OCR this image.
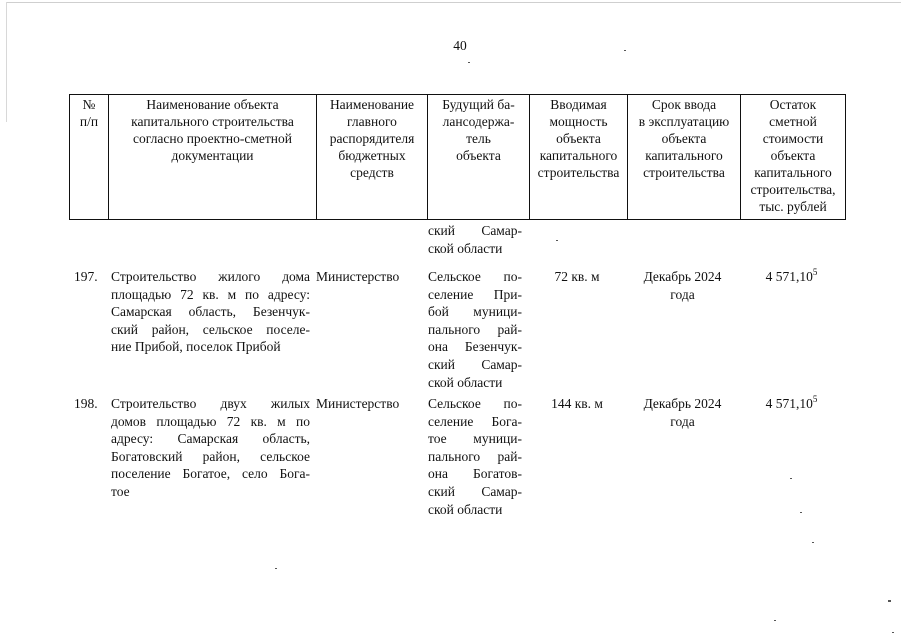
40
№
п/п
Наименование объекта
капитального строительства
согласно проектно-сметной
документации
Наименование
главного
распорядителя
бюджетных
средств
Будущий ба-
лансодержа-
тель
объекта
Вводимая
мощность
объекта
капитального
строительства
Срок ввода
в эксплуатацию
объекта
капитального
строительства
Остаток
сметной
стоимости
объекта
капитального
строительства,
тыс. рублей
ский Самар-
ской области
197. Строительство жилого дома
площадью 72 кв. м по адресу:
Самарская область, Безенчук-
ский район, сельское поселе-
ние Прибой, поселок Прибой
Министерство Сельское по-
селение При-
бой муници-
пального рай-
она Безенчук-
ский Самар-
ской области
72 кв. м	Декабрь 2024
года
4 571,10$^5$
198. Строительство двух жилых
домов площадью 72 кв. м по
адресу: Самарская область,
Богатовский район, сельское
поселение Богатое, село Бога-
тое
Министерство Сельское по-
селение Бога-
тое муници-
пального рай-
она Богатов-
ский Самар-
ской области
144 кв. м	Декабрь 2024
года
4 571,10$^5$
